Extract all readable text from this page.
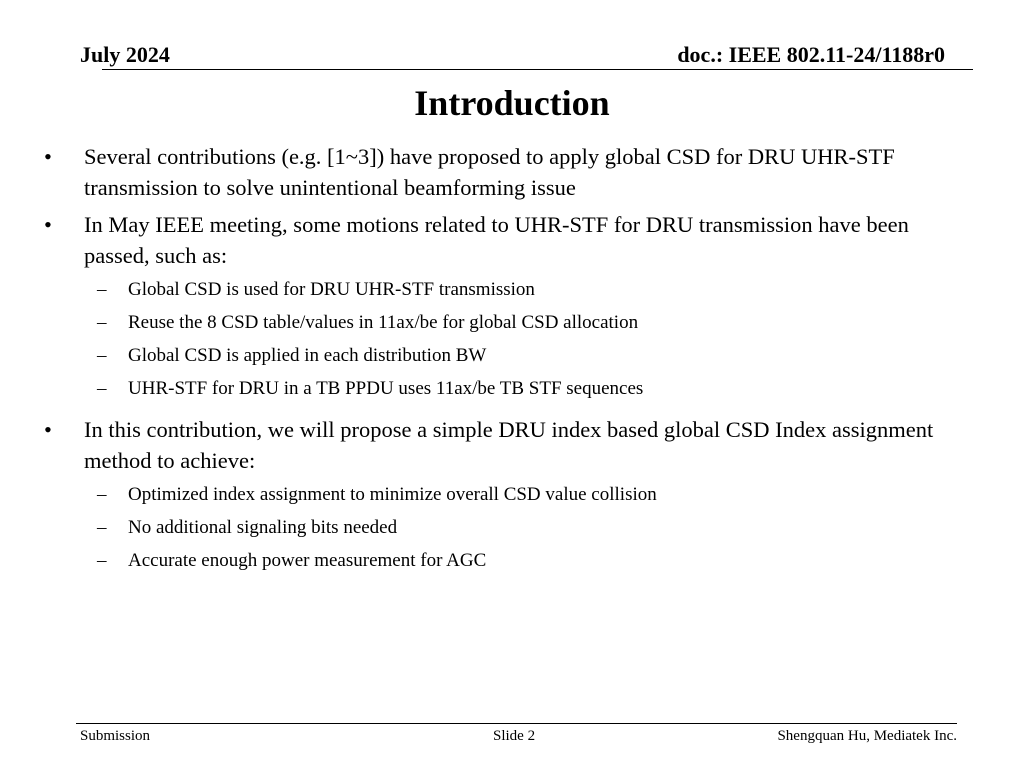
July 2024	doc.: IEEE 802.11-24/1188r0
Introduction
• Several contributions (e.g. [1~3]) have proposed to apply global CSD for DRU UHR-STF transmission to solve unintentional beamforming issue
• In May IEEE meeting, some motions related to UHR-STF for DRU transmission have been passed, such as:
– Global CSD is used for DRU UHR-STF transmission
– Reuse the 8 CSD table/values in 11ax/be for global CSD allocation
– Global CSD is applied in each distribution BW
– UHR-STF for DRU in a TB PPDU uses 11ax/be TB STF sequences
• In this contribution, we will propose a simple DRU index based global CSD Index assignment method to achieve:
– Optimized index assignment to minimize overall CSD value collision
– No additional signaling bits needed
– Accurate enough power measurement for AGC
Submission	Slide 2	Shengquan Hu, Mediatek Inc.
